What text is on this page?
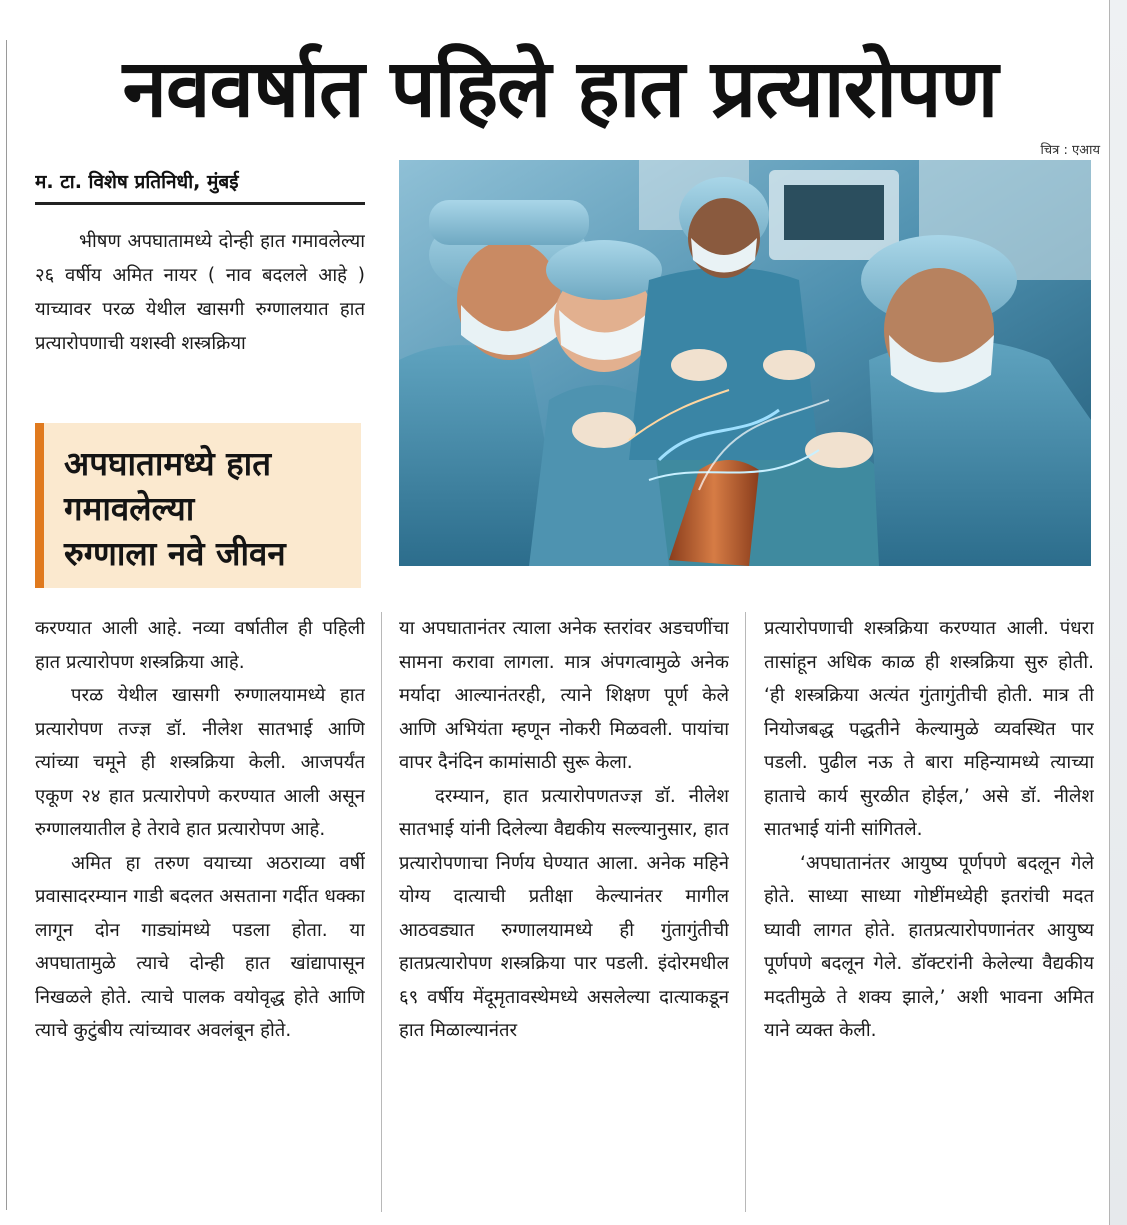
नववर्षात पहिले हात प्रत्यारोपण
चित्र : एआय
म. टा. विशेष प्रतिनिधी, मुंबई

भीषण अपघातामध्ये दोन्ही हात गमावलेल्या २६ वर्षीय अमित नायर ( नाव बदलले आहे ) याच्यावर परळ येथील खासगी रुग्णालयात हात प्रत्यारोपणाची यशस्वी शस्त्रक्रिया

अपघातामध्ये हात
गमावलेल्या
रुग्णाला नवे जीवन

करण्यात आली आहे. नव्या वर्षातील ही पहिली हात प्रत्यारोपण शस्त्रक्रिया आहे.

परळ येथील खासगी रुग्णालयामध्ये हात प्रत्यारोपण तज्ज्ञ डॉ. नीलेश सातभाई आणि त्यांच्या चमूने ही शस्त्रक्रिया केली. आजपर्यंत एकूण २४ हात प्रत्यारोपणे करण्यात आली असून रुग्णालयातील हे तेरावे हात प्रत्यारोपण आहे.

अमित हा तरुण वयाच्या अठराव्या वर्षी प्रवासादरम्यान गाडी बदलत असताना गर्दीत धक्का लागून दोन गाड्यांमध्ये पडला होता. या अपघातामुळे त्याचे दोन्ही हात खांद्यापासून निखळले होते. त्याचे पालक वयोवृद्ध होते आणि त्याचे कुटुंबीय त्यांच्यावर अवलंबून होते.

या अपघातानंतर त्याला अनेक स्तरांवर अडचणींचा सामना करावा लागला. मात्र अंपगत्वामुळे अनेक मर्यादा आल्यानंतरही, त्याने शिक्षण पूर्ण केले आणि अभियंता म्हणून नोकरी मिळवली. पायांचा वापर दैनंदिन कामांसाठी सुरू केला.

दरम्यान, हात प्रत्यारोपणतज्ज्ञ डॉ. नीलेश सातभाई यांनी दिलेल्या वैद्यकीय सल्ल्यानुसार, हात प्रत्यारोपणाचा निर्णय घेण्यात आला. अनेक महिने योग्य दात्याची प्रतीक्षा केल्यानंतर मागील आठवड्यात रुग्णालयामध्ये ही गुंतागुंतीची हातप्रत्यारोपण शस्त्रक्रिया पार पडली. इंदोरमधील ६९ वर्षीय मेंदूमृतावस्थेमध्ये असलेल्या दात्याकडून हात मिळाल्यानंतर

प्रत्यारोपणाची शस्त्रक्रिया करण्यात आली. पंधरा तासांहून अधिक काळ ही शस्त्रक्रिया सुरु होती. ‘ही शस्त्रक्रिया अत्यंत गुंतागुंतीची होती. मात्र ती नियोजबद्ध पद्धतीने केल्यामुळे व्यवस्थित पार पडली. पुढील नऊ ते बारा महिन्यामध्ये त्याच्या हाताचे कार्य सुरळीत होईल,’ असे डॉ. नीलेश सातभाई यांनी सांगितले.

‘अपघातानंतर आयुष्य पूर्णपणे बदलून गेले होते. साध्या साध्या गोष्टींमध्येही इतरांची मदत घ्यावी लागत होते. हातप्रत्यारोपणानंतर आयुष्य पूर्णपणे बदलून गेले. डॉक्टरांनी केलेल्या वैद्यकीय मदतीमुळे ते शक्य झाले,’ अशी भावना अमित याने व्यक्त केली.
